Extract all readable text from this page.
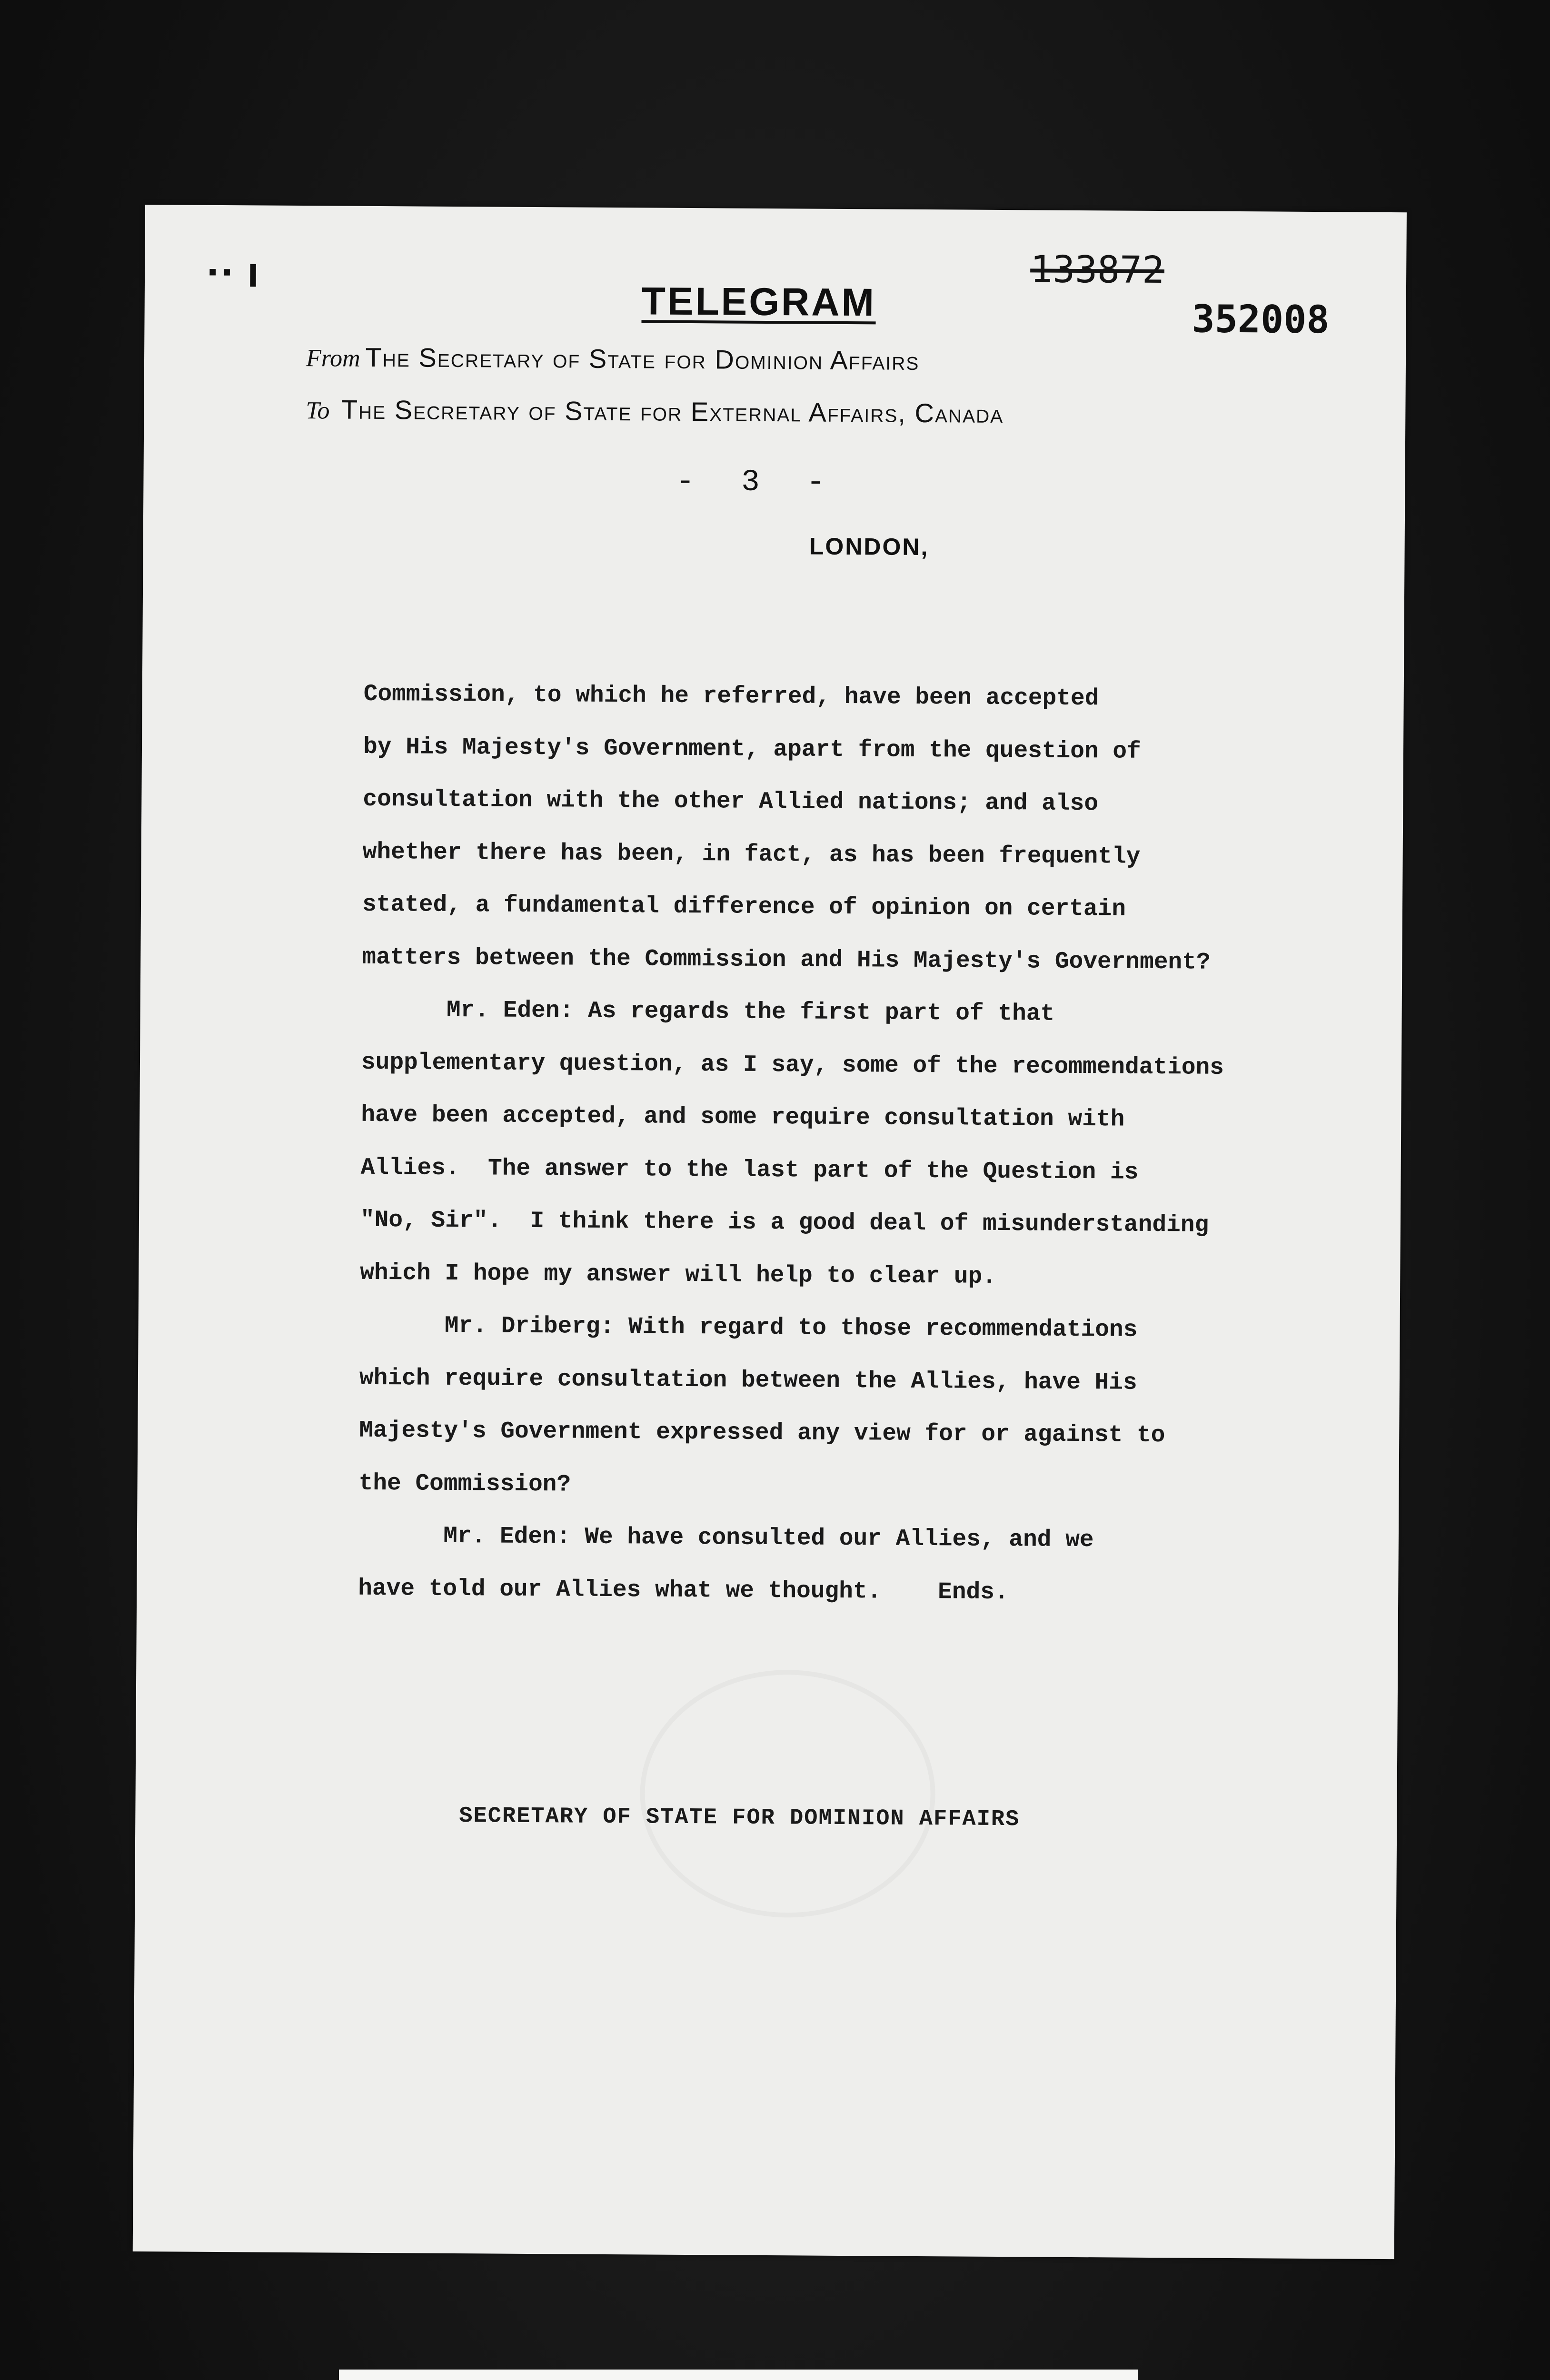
·· ı	133872
352008
TELEGRAM
From The Secretary of State for Dominion Affairs
To The Secretary of State for External Affairs, Canada
- 3 -
LONDON,
Commission, to which he referred, have been accepted
by His Majesty's Government, apart from the question of
consultation with the other Allied nations; and also
whether there has been, in fact, as has been frequently
stated, a fundamental difference of opinion on certain
matters between the Commission and His Majesty's Government?
Mr. Eden: As regards the first part of that
supplementary question, as I say, some of the recommendations
have been accepted, and some require consultation with
Allies.  The answer to the last part of the Question is
"No, Sir".  I think there is a good deal of misunderstanding
which I hope my answer will help to clear up.
Mr. Driberg: With regard to those recommendations
which require consultation between the Allies, have His
Majesty's Government expressed any view for or against to
the Commission?
Mr. Eden: We have consulted our Allies, and we
have told our Allies what we thought.    Ends.
SECRETARY OF STATE FOR DOMINION AFFAIRS
